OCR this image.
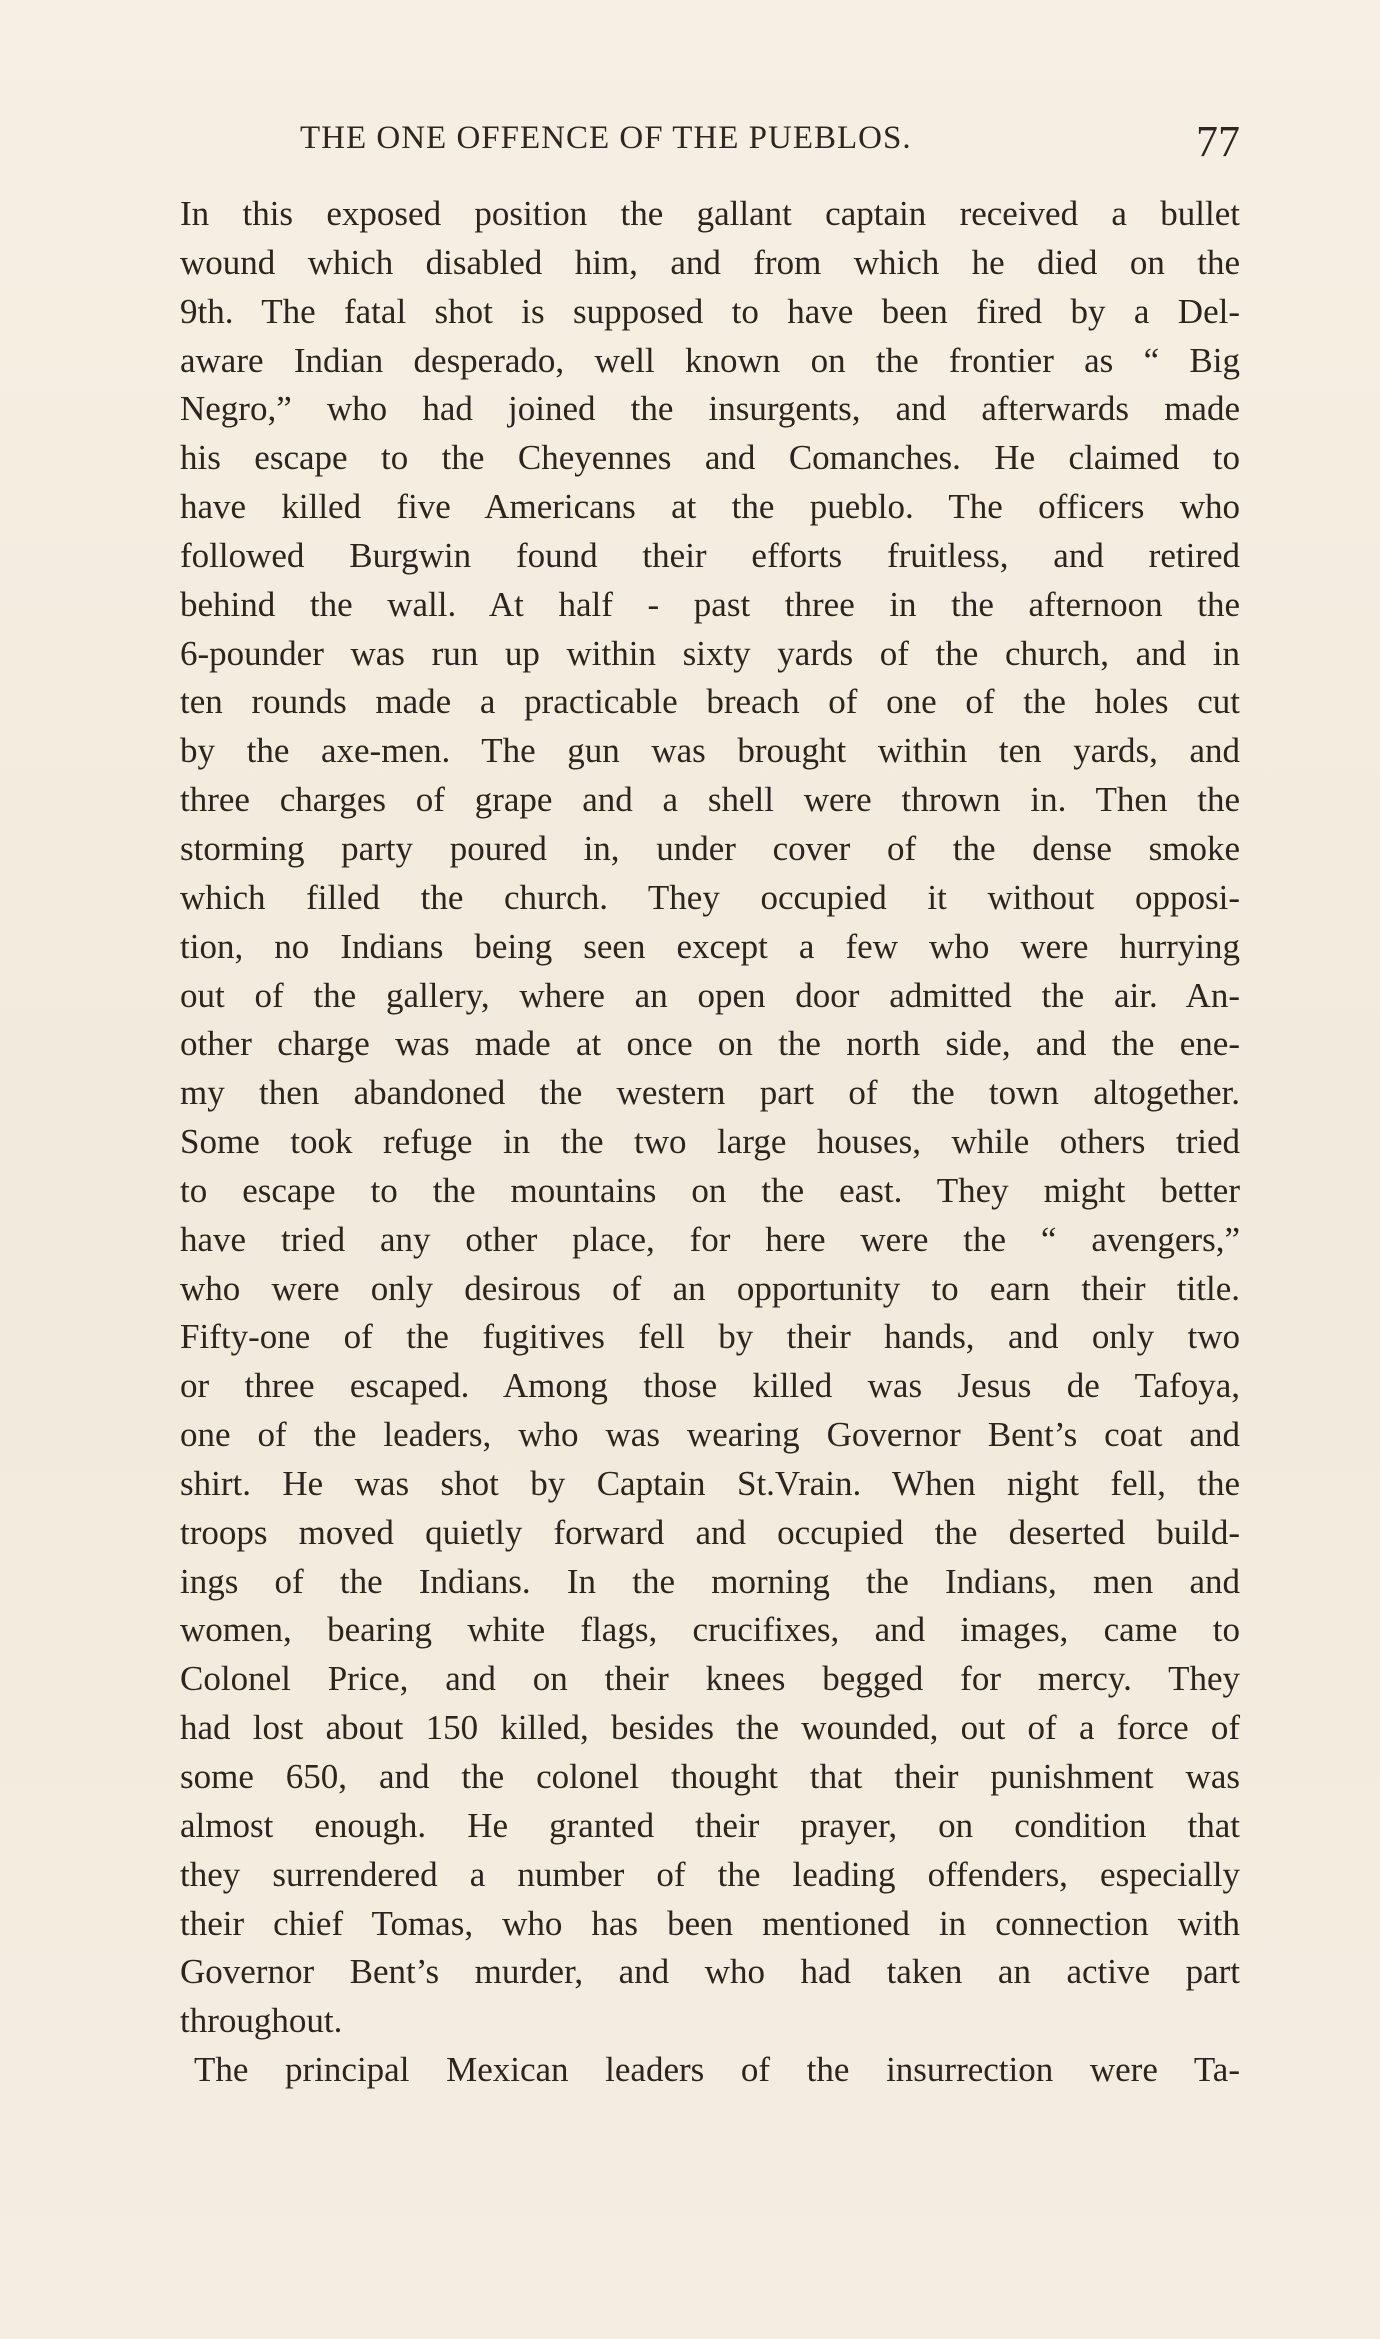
THE ONE OFFENCE OF THE PUEBLOS.	77
In this exposed position the gallant captain received a bullet
wound which disabled him, and from which he died on the
9th. The fatal shot is supposed to have been fired by a Del-
aware Indian desperado, well known on the frontier as “ Big
Negro,” who had joined the insurgents, and afterwards made
his escape to the Cheyennes and Comanches. He claimed to
have killed five Americans at the pueblo. The officers who
followed Burgwin found their efforts fruitless, and retired
behind the wall. At half - past three in the afternoon the
6-pounder was run up within sixty yards of the church, and in
ten rounds made a practicable breach of one of the holes cut
by the axe-men. The gun was brought within ten yards, and
three charges of grape and a shell were thrown in. Then the
storming party poured in, under cover of the dense smoke
which filled the church. They occupied it without opposi-
tion, no Indians being seen except a few who were hurrying
out of the gallery, where an open door admitted the air. An-
other charge was made at once on the north side, and the ene-
my then abandoned the western part of the town altogether.
Some took refuge in the two large houses, while others tried
to escape to the mountains on the east. They might better
have tried any other place, for here were the “ avengers,”
who were only desirous of an opportunity to earn their title.
Fifty-one of the fugitives fell by their hands, and only two
or three escaped. Among those killed was Jesus de Tafoya,
one of the leaders, who was wearing Governor Bent’s coat and
shirt. He was shot by Captain St.Vrain. When night fell, the
troops moved quietly forward and occupied the deserted build-
ings of the Indians. In the morning the Indians, men and
women, bearing white flags, crucifixes, and images, came to
Colonel Price, and on their knees begged for mercy. They
had lost about 150 killed, besides the wounded, out of a force of
some 650, and the colonel thought that their punishment was
almost enough. He granted their prayer, on condition that
they surrendered a number of the leading offenders, especially
their chief Tomas, who has been mentioned in connection with
Governor Bent’s murder, and who had taken an active part
throughout.
The principal Mexican leaders of the insurrection were Ta-
